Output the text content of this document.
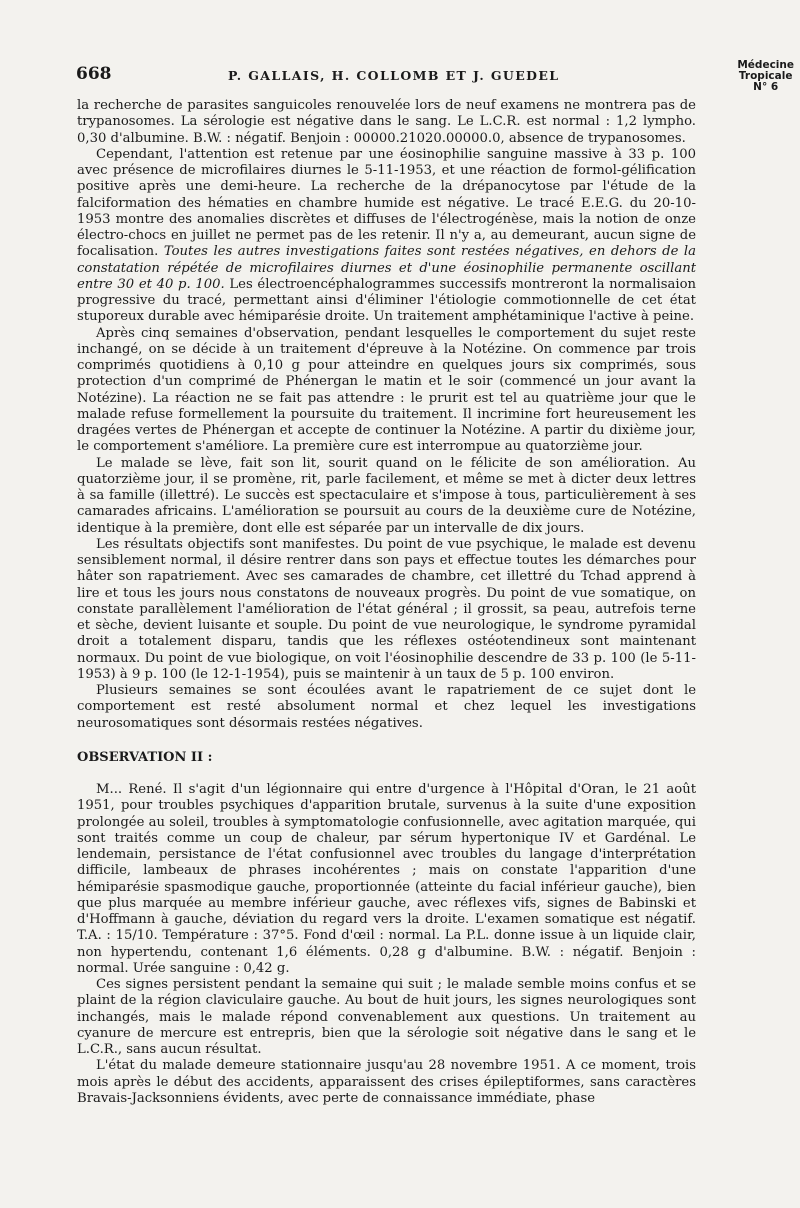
668	P. GALLAIS, H. COLLOMB ET J. GUEDEL
Médecine
Tropicale
N° 6

la recherche de parasites sanguicoles renouvelée lors de neuf examens ne montrera pas de trypanosomes. La sérologie est négative dans le sang. Le L.C.R. est normal : 1,2 lympho. 0,30 d'albumine. B.W. : négatif. Benjoin : 00000.21020.00000.0, absence de trypanosomes.

Cependant, l'attention est retenue par une éosinophilie sanguine massive à 33 p. 100 avec présence de microfilaires diurnes le 5-11-1953, et une réaction de formol-gélification positive après une demi-heure. La recherche de la drépanocytose par l'étude de la falciformation des hématies en chambre humide est négative. Le tracé E.E.G. du 20-10-1953 montre des anomalies discrètes et diffuses de l'électrogénèse, mais la notion de onze électro-chocs en juillet ne permet pas de les retenir. Il n'y a, au demeurant, aucun signe de focalisation. Toutes les autres investigations faites sont restées négatives, en dehors de la constatation répétée de microfilaires diurnes et d'une éosinophilie permanente oscillant entre 30 et 40 p. 100. Les électroencéphalogrammes successifs montreront la normalisaion progressive du tracé, permettant ainsi d'éliminer l'étiologie commotionnelle de cet état stuporeux durable avec hémiparésie droite. Un traitement amphétaminique l'active à peine.

Après cinq semaines d'observation, pendant lesquelles le comportement du sujet reste inchangé, on se décide à un traitement d'épreuve à la Notézine. On commence par trois comprimés quotidiens à 0,10 g pour atteindre en quelques jours six comprimés, sous protection d'un comprimé de Phénergan le matin et le soir (commencé un jour avant la Notézine). La réaction ne se fait pas attendre : le prurit est tel au quatrième jour que le malade refuse formellement la poursuite du traitement. Il incrimine fort heureusement les dragées vertes de Phénergan et accepte de continuer la Notézine. A partir du dixième jour, le comportement s'améliore. La première cure est interrompue au quatorzième jour.

Le malade se lève, fait son lit, sourit quand on le félicite de son amélioration. Au quatorzième jour, il se promène, rit, parle facilement, et même se met à dicter deux lettres à sa famille (illettré). Le succès est spectaculaire et s'impose à tous, particulièrement à ses camarades africains. L'amélioration se poursuit au cours de la deuxième cure de Notézine, identique à la première, dont elle est séparée par un intervalle de dix jours.

Les résultats objectifs sont manifestes. Du point de vue psychique, le malade est devenu sensiblement normal, il désire rentrer dans son pays et effectue toutes les démarches pour hâter son rapatriement. Avec ses camarades de chambre, cet illettré du Tchad apprend à lire et tous les jours nous constatons de nouveaux progrès. Du point de vue somatique, on constate parallèlement l'amélioration de l'état général ; il grossit, sa peau, autrefois terne et sèche, devient luisante et souple. Du point de vue neurologique, le syndrome pyramidal droit a totalement disparu, tandis que les réflexes ostéotendineux sont maintenant normaux. Du point de vue biologique, on voit l'éosinophilie descendre de 33 p. 100 (le 5-11-1953) à 9 p. 100 (le 12-1-1954), puis se maintenir à un taux de 5 p. 100 environ.

Plusieurs semaines se sont écoulées avant le rapatriement de ce sujet dont le comportement est resté absolument normal et chez lequel les investigations neurosomatiques sont désormais restées négatives.

OBSERVATION II :

M... René. Il s'agit d'un légionnaire qui entre d'urgence à l'Hôpital d'Oran, le 21 août 1951, pour troubles psychiques d'apparition brutale, survenus à la suite d'une exposition prolongée au soleil, troubles à symptomatologie confusionnelle, avec agitation marquée, qui sont traités comme un coup de chaleur, par sérum hypertonique IV et Gardénal. Le lendemain, persistance de l'état confusionnel avec troubles du langage d'interprétation difficile, lambeaux de phrases incohérentes ; mais on constate l'apparition d'une hémiparésie spasmodique gauche, proportionnée (atteinte du facial inférieur gauche), bien que plus marquée au membre inférieur gauche, avec réflexes vifs, signes de Babinski et d'Hoffmann à gauche, déviation du regard vers la droite. L'examen somatique est négatif. T.A. : 15/10. Température : 37°5. Fond d'œil : normal. La P.L. donne issue à un liquide clair, non hypertendu, contenant 1,6 éléments. 0,28 g d'albumine. B.W. : négatif. Benjoin : normal. Urée sanguine : 0,42 g.

Ces signes persistent pendant la semaine qui suit ; le malade semble moins confus et se plaint de la région claviculaire gauche. Au bout de huit jours, les signes neurologiques sont inchangés, mais le malade répond convenablement aux questions. Un traitement au cyanure de mercure est entrepris, bien que la sérologie soit négative dans le sang et le L.C.R., sans aucun résultat.

L'état du malade demeure stationnaire jusqu'au 28 novembre 1951. A ce moment, trois mois après le début des accidents, apparaissent des crises épileptiformes, sans caractères Bravais-Jacksonniens évidents, avec perte de connaissance immédiate, phase
